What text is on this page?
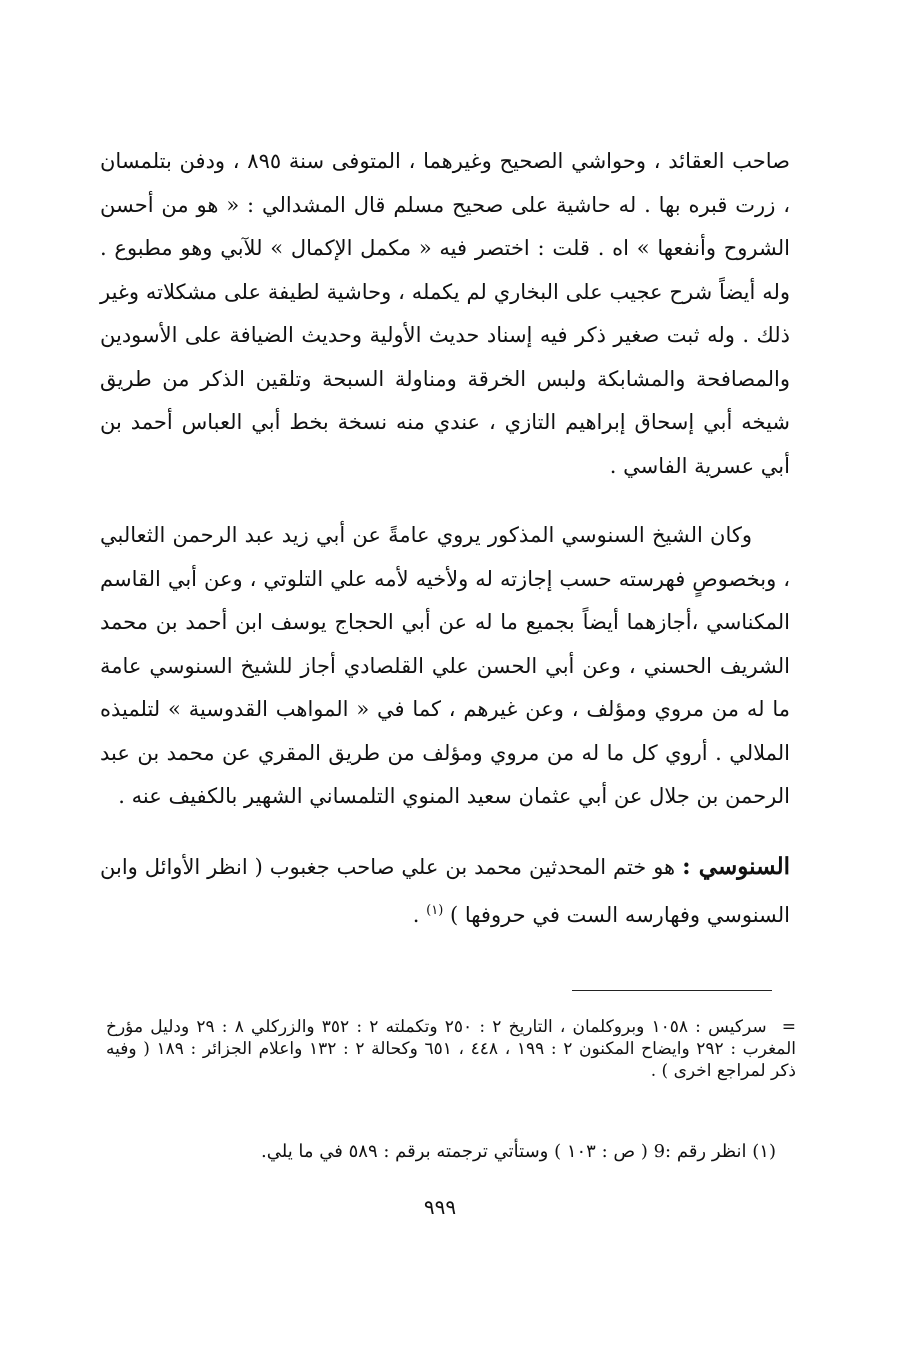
صاحب العقائد ، وحواشي الصحيح وغيرهما ، المتوفى سنة ٨٩٥ ، ودفن بتلمسان ، زرت قبره بها . له حاشية على صحيح مسلم قال المشدالي : « هو من أحسن الشروح وأنفعها » اه . قلت : اختصر فيه « مكمل الإكمال » للآبي وهو مطبوع . وله أيضاً شرح عجيب على البخاري لم يكمله ، وحاشية لطيفة على مشكلاته وغير ذلك . وله ثبت صغير ذكر فيه إسناد حديث الأولية وحديث الضيافة على الأسودين والمصافحة والمشابكة ولبس الخرقة ومناولة السبحة وتلقين الذكر من طريق شيخه أبي إسحاق إبراهيم التازي ، عندي منه نسخة بخط أبي العباس أحمد بن أبي عسرية الفاسي .

وكان الشيخ السنوسي المذكور يروي عامةً عن أبي زيد عبد الرحمن الثعالبي ، وبخصوصٍ فهرسته حسب إجازته له ولأخيه لأمه علي التلوتي ، وعن أبي القاسم المكناسي ،أجازهما أيضاً بجميع ما له عن أبي الحجاج يوسف ابن أحمد بن محمد الشريف الحسني ، وعن أبي الحسن علي القلصادي أجاز للشيخ السنوسي عامة ما له من مروي ومؤلف ، وعن غيرهم ، كما في « المواهب القدوسية » لتلميذه الملالي . أروي كل ما له من مروي ومؤلف من طريق المقري عن محمد بن عبد الرحمن بن جلال عن أبي عثمان سعيد المنوي التلمساني الشهير بالكفيف عنه .

السنوسي : هو ختم المحدثين محمد بن علي صاحب جغبوب ( انظر الأوائل وابن السنوسي وفهارسه الست في حروفها ) $^{(١)}$ .

= سركيس : ١٠٥٨ وبروكلمان ، التاريخ ٢ : ٢٥٠ وتكملته ٢ : ٣٥٢ والزركلي ٨ : ٢٩ ودليل مؤرخ المغرب : ٢٩٢ وايضاح المكنون ٢ : ١٩٩ ، ٤٤٨ ، ٦٥١ وكحالة ٢ : ١٣٢ واعلام الجزائر : ١٨٩ ( وفيه ذكر لمراجع اخرى ) .
(١) انظر رقم :9 ( ص : ١٠٣ ) وستأتي ترجمته برقم : ٥٨٩ في ما يلي.
٩٩٩
